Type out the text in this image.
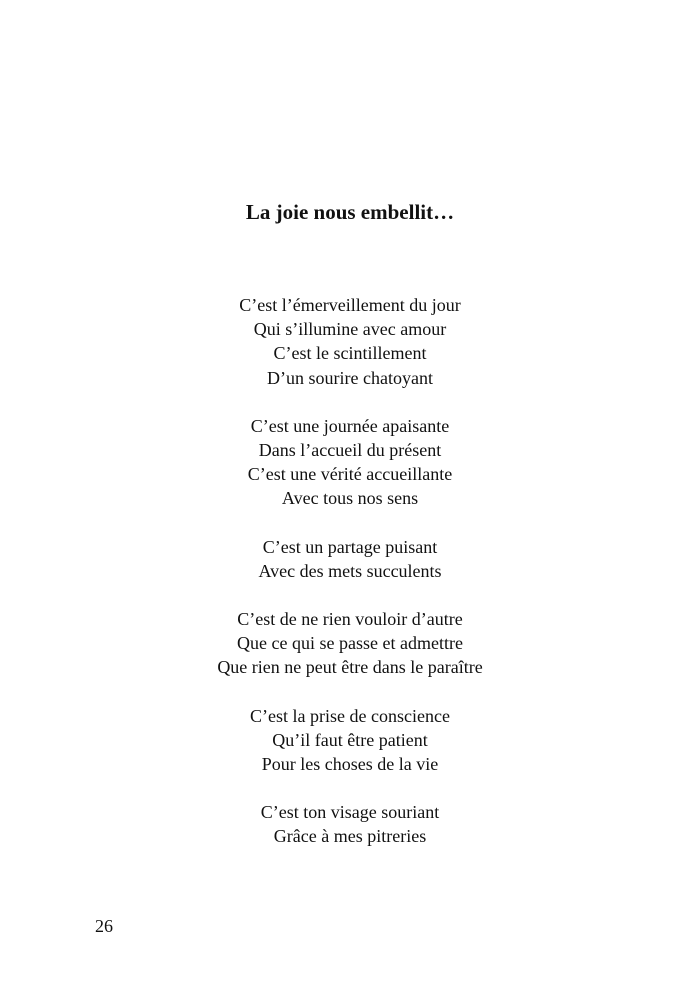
La joie nous embellit…
C’est l’émerveillement du jour
Qui s’illumine avec amour
C’est le scintillement
D’un sourire chatoyant
C’est une journée apaisante
Dans l’accueil du présent
C’est une vérité accueillante
Avec tous nos sens
C’est un partage puisant
Avec des mets succulents
C’est de ne rien vouloir d’autre
Que ce qui se passe et admettre
Que rien ne peut être dans le paraître
C’est la prise de conscience
Qu’il faut être patient
Pour les choses de la vie
C’est ton visage souriant
Grâce à mes pitreries
26
